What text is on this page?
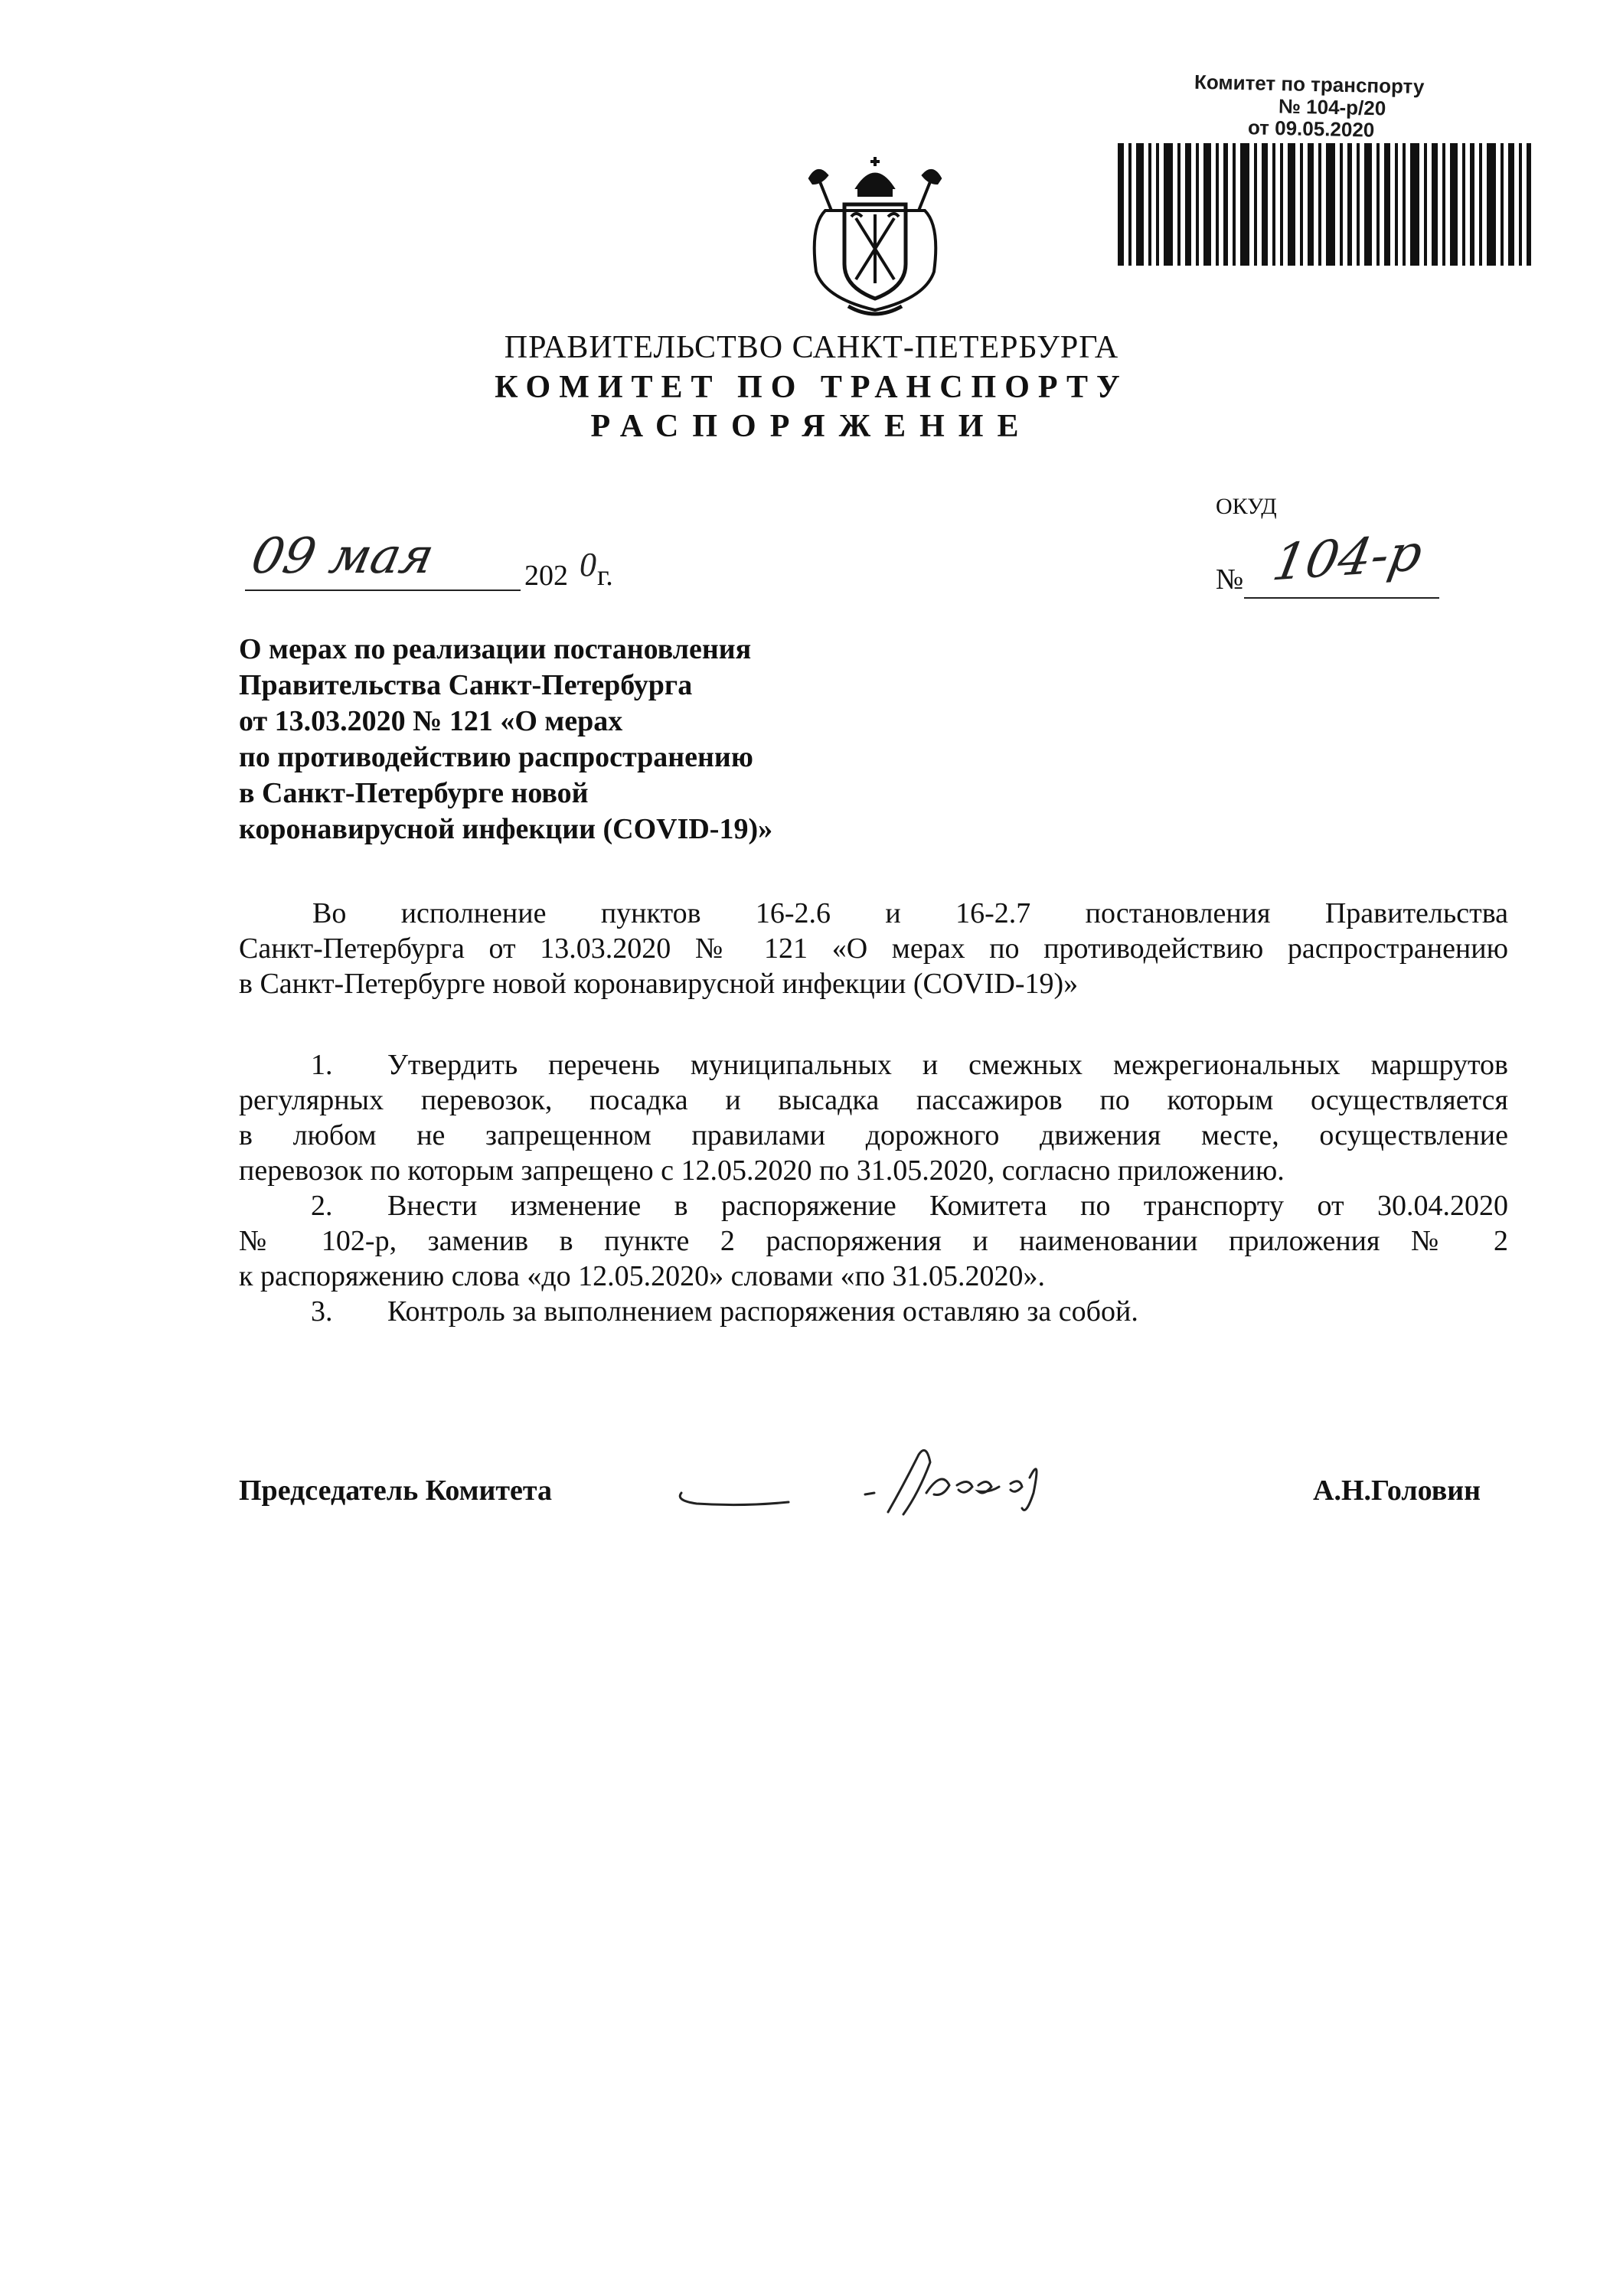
Комитет по транспорту
№ 104-р/20
от 09.05.2020
ПРАВИТЕЛЬСТВО САНКТ-ПЕТЕРБУРГА
КОМИТЕТ ПО ТРАНСПОРТУ
РАСПОРЯЖЕНИЕ
ОКУД
09 мая	202 0 г.	№ 104-р
О мерах по реализации постановления
Правительства Санкт-Петербурга
от 13.03.2020 № 121 «О мерах
по противодействию распространению
в Санкт-Петербурге новой
коронавирусной инфекции (COVID-19)»
Во исполнение пунктов 16-2.6 и 16-2.7 постановления Правительства
Санкт-Петербурга от 13.03.2020 № 121 «О мерах по противодействию распространению
в Санкт-Петербурге новой коронавирусной инфекции (COVID-19)»
1. Утвердить перечень муниципальных и смежных межрегиональных маршрутов
регулярных перевозок, посадка и высадка пассажиров по которым осуществляется
в любом не запрещенном правилами дорожного движения месте, осуществление
перевозок по которым запрещено с 12.05.2020 по 31.05.2020, согласно приложению.
2. Внести изменение в распоряжение Комитета по транспорту от 30.04.2020
№ 102-р, заменив в пункте 2 распоряжения и наименовании приложения № 2
к распоряжению слова «до 12.05.2020» словами «по 31.05.2020».
3. Контроль за выполнением распоряжения оставляю за собой.
Председатель Комитета	А.Н.Головин
